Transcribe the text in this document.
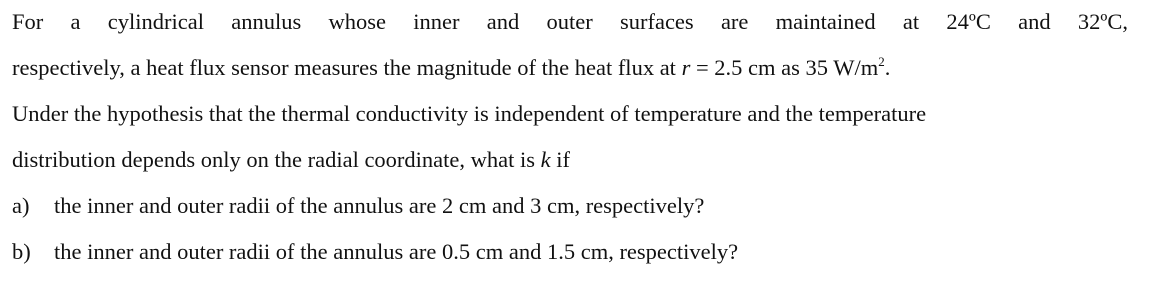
For a cylindrical annulus whose inner and outer surfaces are maintained at 24ºC and 32ºC,
respectively, a heat flux sensor measures the magnitude of the heat flux at r = 2.5 cm as 35 $W/m^2$.
Under the hypothesis that the thermal conductivity is independent of temperature and the temperature
distribution depends only on the radial coordinate, what is k if
a) the inner and outer radii of the annulus are 2 cm and 3 cm, respectively?
b) the inner and outer radii of the annulus are 0.5 cm and 1.5 cm, respectively?
